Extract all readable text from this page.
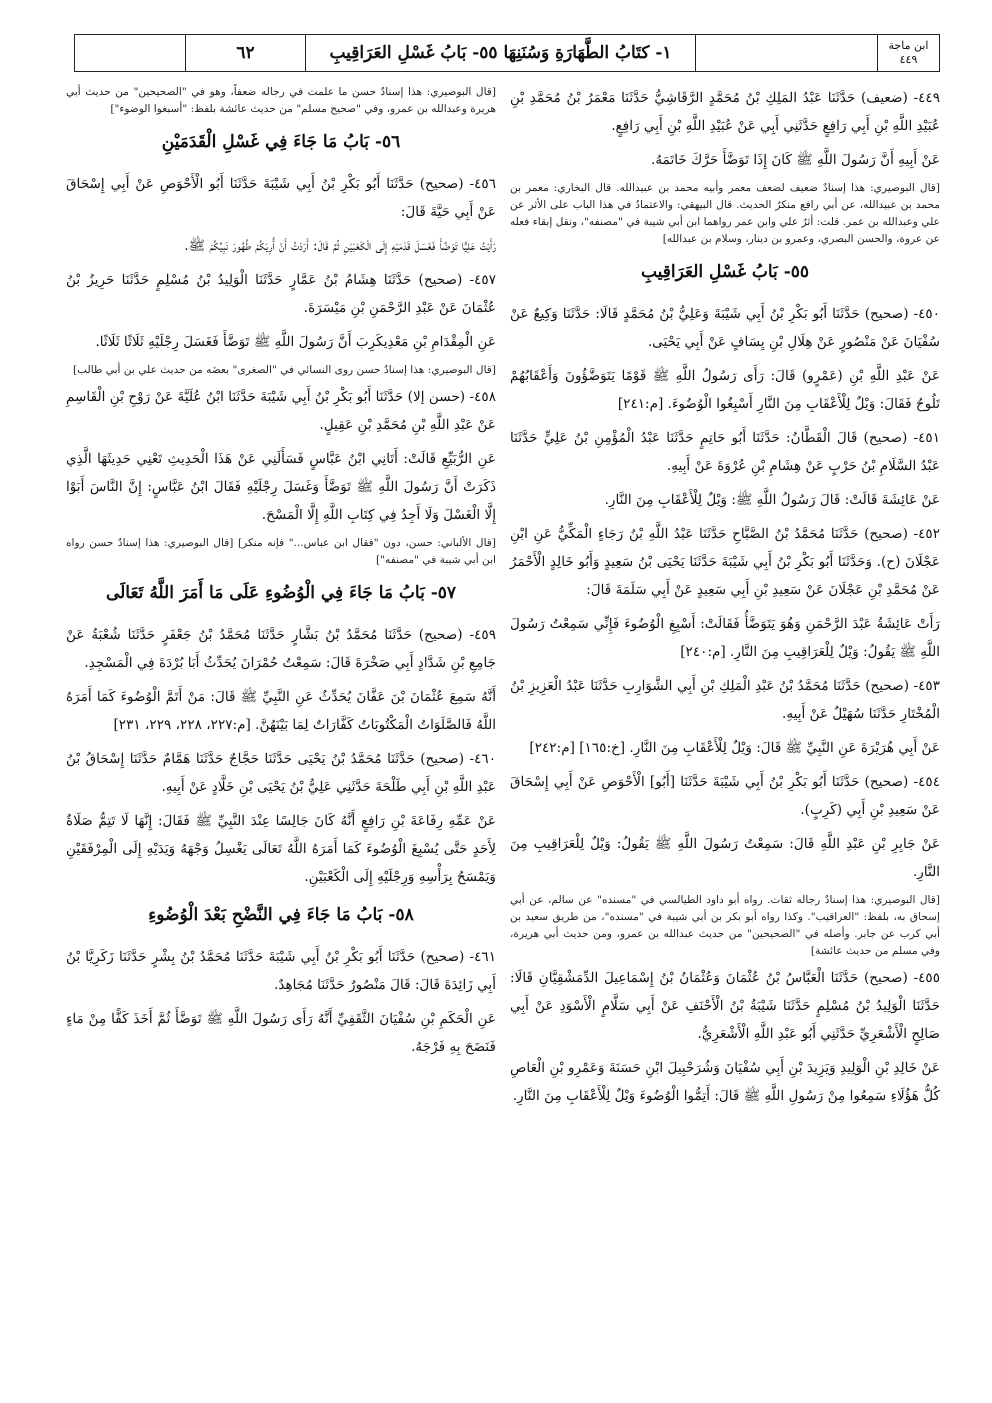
ابن ماجة
٤٤٩
١- كتَابُ الطَّهَارَةِ وَسُنَنِهَا ٥٥- بَابُ غَسْلِ العَرَاقِيبِ
٦٢

٤٤٩- (ضعيف) حَدَّثَنَا عَبْدُ المَلِكِ بْنُ مُحَمَّدٍ الرَّقَاشِيُّ حَدَّثَنَا مَعْمَرُ بْنُ مُحَمَّدِ بْنِ عُبَيْدِ اللَّهِ بْنِ أَبِي رَافِعٍ حَدَّثَنِي أَبِي عَنْ عُبَيْدِ اللَّهِ بْنِ أَبِي رَافِعٍ.

عَنْ أَبِيهِ أَنَّ رَسُولَ اللَّهِ ﷺ كَانَ إِذَا تَوَضَّأَ حَرَّكَ خَاتَمَهُ.

[قال البوصيري: هذا إسنادٌ ضعيف لضعف معمر وأبيه محمد بن عبيدالله. قال البخاري: معمر بن محمد بن عبيدالله، عن أبي رافع منكرُ الحديث. قال البيهقي: والاعتمادُ في هذا الباب على الأثر عن علي وعبدالله بن عمر. قلت: أثرُ علي وابن عمر رواهما ابن أبي شيبة في "مصنفه"، ونقل إبقاء فعله عن عروة، والحسن البصري، وعمرو بن دينار، وسلام بن عبدالله]

٥٥- بَابُ غَسْلِ العَرَاقِيبِ

٤٥٠- (صحيح) حَدَّثَنَا أَبُو بَكْرِ بْنُ أَبِي شَيْبَةَ وَعَلِيُّ بْنُ مُحَمَّدٍ قَالَا: حَدَّثَنَا وَكِيعٌ عَنْ سُفْيَانَ عَنْ مَنْصُورٍ عَنْ هِلَالِ بْنِ يِسَافٍ عَنْ أَبِي يَحْيَى.

عَنْ عَبْدِ اللَّهِ بْنِ (عَمْرٍو) قَالَ: رَأَى رَسُولُ اللَّهِ ﷺ قَوْمًا يَتَوَضَّؤُونَ وَأَعْقَابُهُمْ تَلُوحُ فَقَالَ: وَيْلٌ لِلْأَعْقَابِ مِنَ النَّارِ أَسْبِغُوا الْوُضُوءَ. [م:٢٤١]

٤٥١- (صحيح) قَالَ الْقَطَّانُ: حَدَّثَنَا أَبُو حَاتِمٍ حَدَّثَنَا عَبْدُ الْمُؤْمِنِ بْنُ عَلِيٍّ حَدَّثَنَا عَبْدُ السَّلَامِ بْنُ حَرْبٍ عَنْ هِشَامِ بْنِ عُرْوَةَ عَنْ أَبِيهِ.

عَنْ عَائِشَةَ قَالَتْ: قَالَ رَسُولُ اللَّهِ ﷺ: وَيْلٌ لِلْأَعْقَابِ مِنَ النَّارِ.

٤٥٢- (صحيح) حَدَّثَنَا مُحَمَّدُ بْنُ الصَّبَّاحِ حَدَّثَنَا عَبْدُ اللَّهِ بْنُ رَجَاءٍ الْمَكِّيُّ عَنِ ابْنِ عَجْلَانَ (ح). وَحَدَّثَنَا أَبُو بَكْرِ بْنُ أَبِي شَيْبَةَ حَدَّثَنَا يَحْيَى بْنُ سَعِيدٍ وَأَبُو خَالِدٍ الْأَحْمَرُ عَنْ مُحَمَّدِ بْنِ عَجْلَانَ عَنْ سَعِيدِ بْنِ أَبِي سَعِيدٍ عَنْ أَبِي سَلَمَةَ قَالَ:

رَأَتْ عَائِشَةُ عَبْدَ الرَّحْمَنِ وَهُوَ يَتَوَضَّأُ فَقَالَتْ: أَسْبِغِ الْوُضُوءَ فَإِنِّي سَمِعْتُ رَسُولَ اللَّهِ ﷺ يَقُولُ: وَيْلٌ لِلْعَرَاقِيبِ مِنَ النَّارِ. [م:٢٤٠]

٤٥٣- (صحيح) حَدَّثَنَا مُحَمَّدُ بْنُ عَبْدِ الْمَلِكِ بْنِ أَبِي الشَّوَارِبِ حَدَّثَنَا عَبْدُ الْعَزِيزِ بْنُ الْمُخْتَارِ حَدَّثَنَا سُهَيْلٌ عَنْ أَبِيهِ.

عَنْ أَبِي هُرَيْرَةَ عَنِ النَّبِيِّ ﷺ قَالَ: وَيْلٌ لِلْأَعْقَابِ مِنَ النَّارِ. [خ:١٦٥] [م:٢٤٢]

٤٥٤- (صحيح) حَدَّثَنَا أَبُو بَكْرِ بْنُ أَبِي شَيْبَةَ حَدَّثَنَا [أَبُو] الْأَحْوَصِ عَنْ أَبِي إِسْحَاقَ عَنْ سَعِيدِ بْنِ أَبِي (كَرِبٍ).

عَنْ جَابِرِ بْنِ عَبْدِ اللَّهِ قَالَ: سَمِعْتُ رَسُولَ اللَّهِ ﷺ يَقُولُ: وَيْلٌ لِلْعَرَاقِيبِ مِنَ النَّارِ.

[قال البوصيري: هذا إسنادٌ رجاله ثقات. رواه أبو داود الطيالسي في "مسنده" عن سالم، عن أبي إسحاق به، بلفظ: "العراقيب". وكذا رواه أبو بكر بن أبي شيبة في "مسنده"، من طريق سعيد بن أبي كرب عن جابر. وأصله في "الصحيحين" من حديث عبدالله بن عمرو، ومن حديث أبي هريرة، وفي مسلم من حديث عائشة]

٤٥٥- (صحيح) حَدَّثَنَا الْعَبَّاسُ بْنُ عُثْمَانَ وَعُثْمَانُ بْنُ إِسْمَاعِيلَ الدِّمَشْقِيَّانِ قَالَا: حَدَّثَنَا الْوَلِيدُ بْنُ مُسْلِمٍ حَدَّثَنَا شَيْبَةُ بْنُ الْأَحْنَفِ عَنْ أَبِي سَلَّامٍ الْأَسْوَدِ عَنْ أَبِي صَالِحٍ الْأَشْعَرِيِّ حَدَّثَنِي أَبُو عَبْدِ اللَّهِ الْأَشْعَرِيُّ.

عَنْ خَالِدِ بْنِ الْوَلِيدِ وَيَزِيدَ بْنِ أَبِي سُفْيَانَ وَشُرَحْبِيلَ ابْنِ حَسَنَةَ وَعَمْرِو بْنِ الْعَاصِ كُلُّ هَؤُلَاءِ سَمِعُوا مِنْ رَسُولِ اللَّهِ ﷺ قَالَ: أَتِمُّوا الْوُضُوءَ وَيْلٌ لِلْأَعْقَابِ مِنَ النَّارِ.

[قال البوصيري: هذا إسنادٌ حسن ما علمت في رجاله ضعفاً، وهو في "الصحيحين" من حديث أبي هريرة وعبدالله بن عمرو، وفي "صحيح مسلم" من حديث عائشة بلفظ: "أسبغوا الوضوء"]

٥٦- بَابُ مَا جَاءَ فِي غَسْلِ الْقَدَمَيْنِ

٤٥٦- (صحيح) حَدَّثَنَا أَبُو بَكْرِ بْنُ أَبِي شَيْبَةَ حَدَّثَنَا أَبُو الْأَحْوَصِ عَنْ أَبِي إِسْحَاقَ عَنْ أَبِي حَيَّةَ قَالَ:

رَأَيْتُ عَلِيًّا تَوَضَّأَ فَغَسَلَ قَدَمَيْهِ إِلَى الْكَعْبَيْنِ ثُمَّ قَالَ: أَرَدْتُ أَنْ أُرِيَكُمْ طُهُورَ نَبِيِّكُمْ ﷺ.

٤٥٧- (صحيح) حَدَّثَنَا هِشَامُ بْنُ عَمَّارٍ حَدَّثَنَا الْوَلِيدُ بْنُ مُسْلِمٍ حَدَّثَنَا حَرِيزُ بْنُ عُثْمَانَ عَنْ عَبْدِ الرَّحْمَنِ بْنِ مَيْسَرَةَ.

عَنِ الْمِقْدَامِ بْنِ مَعْدِيكَرِبَ أَنَّ رَسُولَ اللَّهِ ﷺ تَوَضَّأَ فَغَسَلَ رِجْلَيْهِ ثَلَاثًا ثَلَاثًا.

[قال البوصيري: هذا إسنادٌ حسن روى النسائي في "الصغرى" بعضَه من حديث علي بن أبي طالب]

٤٥٨- (حسن إلا) حَدَّثَنَا أَبُو بَكْرِ بْنُ أَبِي شَيْبَةَ حَدَّثَنَا ابْنُ عُلَيَّةَ عَنْ رَوْحِ بْنِ الْقَاسِمِ عَنْ عَبْدِ اللَّهِ بْنِ مُحَمَّدِ بْنِ عَقِيلٍ.

عَنِ الرُّبَيِّعِ قَالَتْ: أَتَانِي ابْنُ عَبَّاسٍ فَسَأَلَنِي عَنْ هَذَا الْحَدِيثِ تَعْنِي حَدِيثَهَا الَّذِي ذَكَرَتْ أَنَّ رَسُولَ اللَّهِ ﷺ تَوَضَّأَ وَغَسَلَ رِجْلَيْهِ فَقَالَ ابْنُ عَبَّاسٍ: إِنَّ النَّاسَ أَبَوْا إِلَّا الْغَسْلَ وَلَا أَجِدُ فِي كِتَابِ اللَّهِ إِلَّا الْمَسْحَ.

[قال الألباني: حسن، دون "فقال ابن عباس..." فإنه منكر] [قال البوصيري: هذا إسنادٌ حسن رواه ابن أبي شيبة في "مصنفه"]

٥٧- بَابُ مَا جَاءَ فِي الْوُضُوءِ عَلَى مَا أَمَرَ اللَّهُ تَعَالَى

٤٥٩- (صحيح) حَدَّثَنَا مُحَمَّدُ بْنُ بَشَّارٍ حَدَّثَنَا مُحَمَّدُ بْنُ جَعْفَرٍ حَدَّثَنَا شُعْبَةُ عَنْ جَامِعِ بْنِ شَدَّادٍ أَبِي صَخْرَةَ قَالَ: سَمِعْتُ حُمْرَانَ يُحَدِّثُ أَبَا بُرْدَةَ فِي الْمَسْجِدِ.

أَنَّهُ سَمِعَ عُثْمَانَ بْنَ عَفَّانَ يُحَدِّثُ عَنِ النَّبِيِّ ﷺ قَالَ: مَنْ أَتَمَّ الْوُضُوءَ كَمَا أَمَرَهُ اللَّهُ فَالصَّلَوَاتُ الْمَكْتُوبَاتُ كَفَّارَاتٌ لِمَا بَيْنَهُنَّ. [م:٢٢٧، ٢٢٨، ٢٢٩، ٢٣١]

٤٦٠- (صحيح) حَدَّثَنَا مُحَمَّدُ بْنُ يَحْيَى حَدَّثَنَا حَجَّاجٌ حَدَّثَنَا هَمَّامٌ حَدَّثَنَا إِسْحَاقُ بْنُ عَبْدِ اللَّهِ بْنِ أَبِي طَلْحَةَ حَدَّثَنِي عَلِيُّ بْنُ يَحْيَى بْنِ خَلَّادٍ عَنْ أَبِيهِ.

عَنْ عَمِّهِ رِفَاعَةَ بْنِ رَافِعٍ أَنَّهُ كَانَ جَالِسًا عِنْدَ النَّبِيِّ ﷺ فَقَالَ: إِنَّهَا لَا تَتِمُّ صَلَاةٌ لِأَحَدٍ حَتَّى يُسْبِغَ الْوُضُوءَ كَمَا أَمَرَهُ اللَّهُ تَعَالَى يَغْسِلُ وَجْهَهُ وَيَدَيْهِ إِلَى الْمِرْفَقَيْنِ وَيَمْسَحُ بِرَأْسِهِ وَرِجْلَيْهِ إِلَى الْكَعْبَيْنِ.

٥٨- بَابُ مَا جَاءَ فِي النَّضْحِ بَعْدَ الْوُضُوءِ

٤٦١- (صحيح) حَدَّثَنَا أَبُو بَكْرِ بْنُ أَبِي شَيْبَةَ حَدَّثَنَا مُحَمَّدُ بْنُ بِشْرٍ حَدَّثَنَا زَكَرِيَّا بْنُ أَبِي زَائِدَةَ قَالَ: قَالَ مَنْصُورٌ حَدَّثَنَا مُجَاهِدٌ.

عَنِ الْحَكَمِ بْنِ سُفْيَانَ الثَّقَفِيِّ أَنَّهُ رَأَى رَسُولَ اللَّهِ ﷺ تَوَضَّأَ ثُمَّ أَخَذَ كَفًّا مِنْ مَاءٍ فَنَضَحَ بِهِ فَرْجَهُ.
